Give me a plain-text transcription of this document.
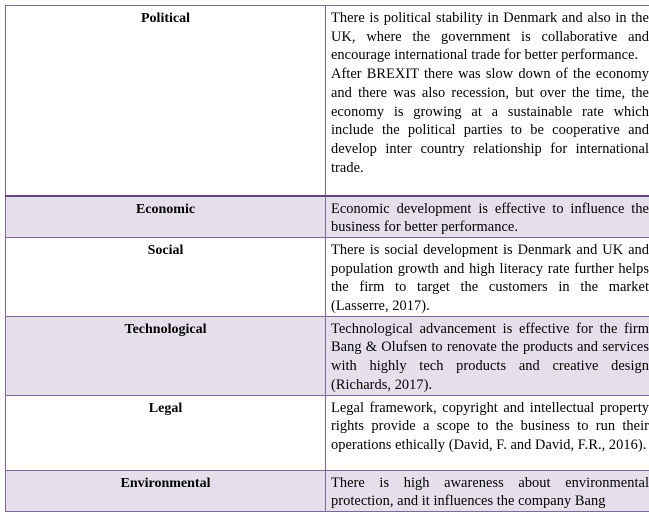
Political	There is political stability in Denmark and also in the UK, where the government is collaborative and encourage international trade for better performance.
After BREXIT there was slow down of the economy and there was also recession, but over the time, the economy is growing at a sustainable rate which include the political parties to be cooperative and develop inter country relationship for international trade.

Economic	Economic development is effective to influence the business for better performance.

Social	There is social development is Denmark and UK and population growth and high literacy rate further helps the firm to target the customers in the market (Lasserre, 2017).

Technological	Technological advancement is effective for the firm Bang & Olufsen to renovate the products and services with highly tech products and creative design (Richards, 2017).

Legal	Legal framework, copyright and intellectual property rights provide a scope to the business to run their operations ethically (David, F. and David, F.R., 2016).

Environmental	There is high awareness about environmental protection, and it influences the company Bang
